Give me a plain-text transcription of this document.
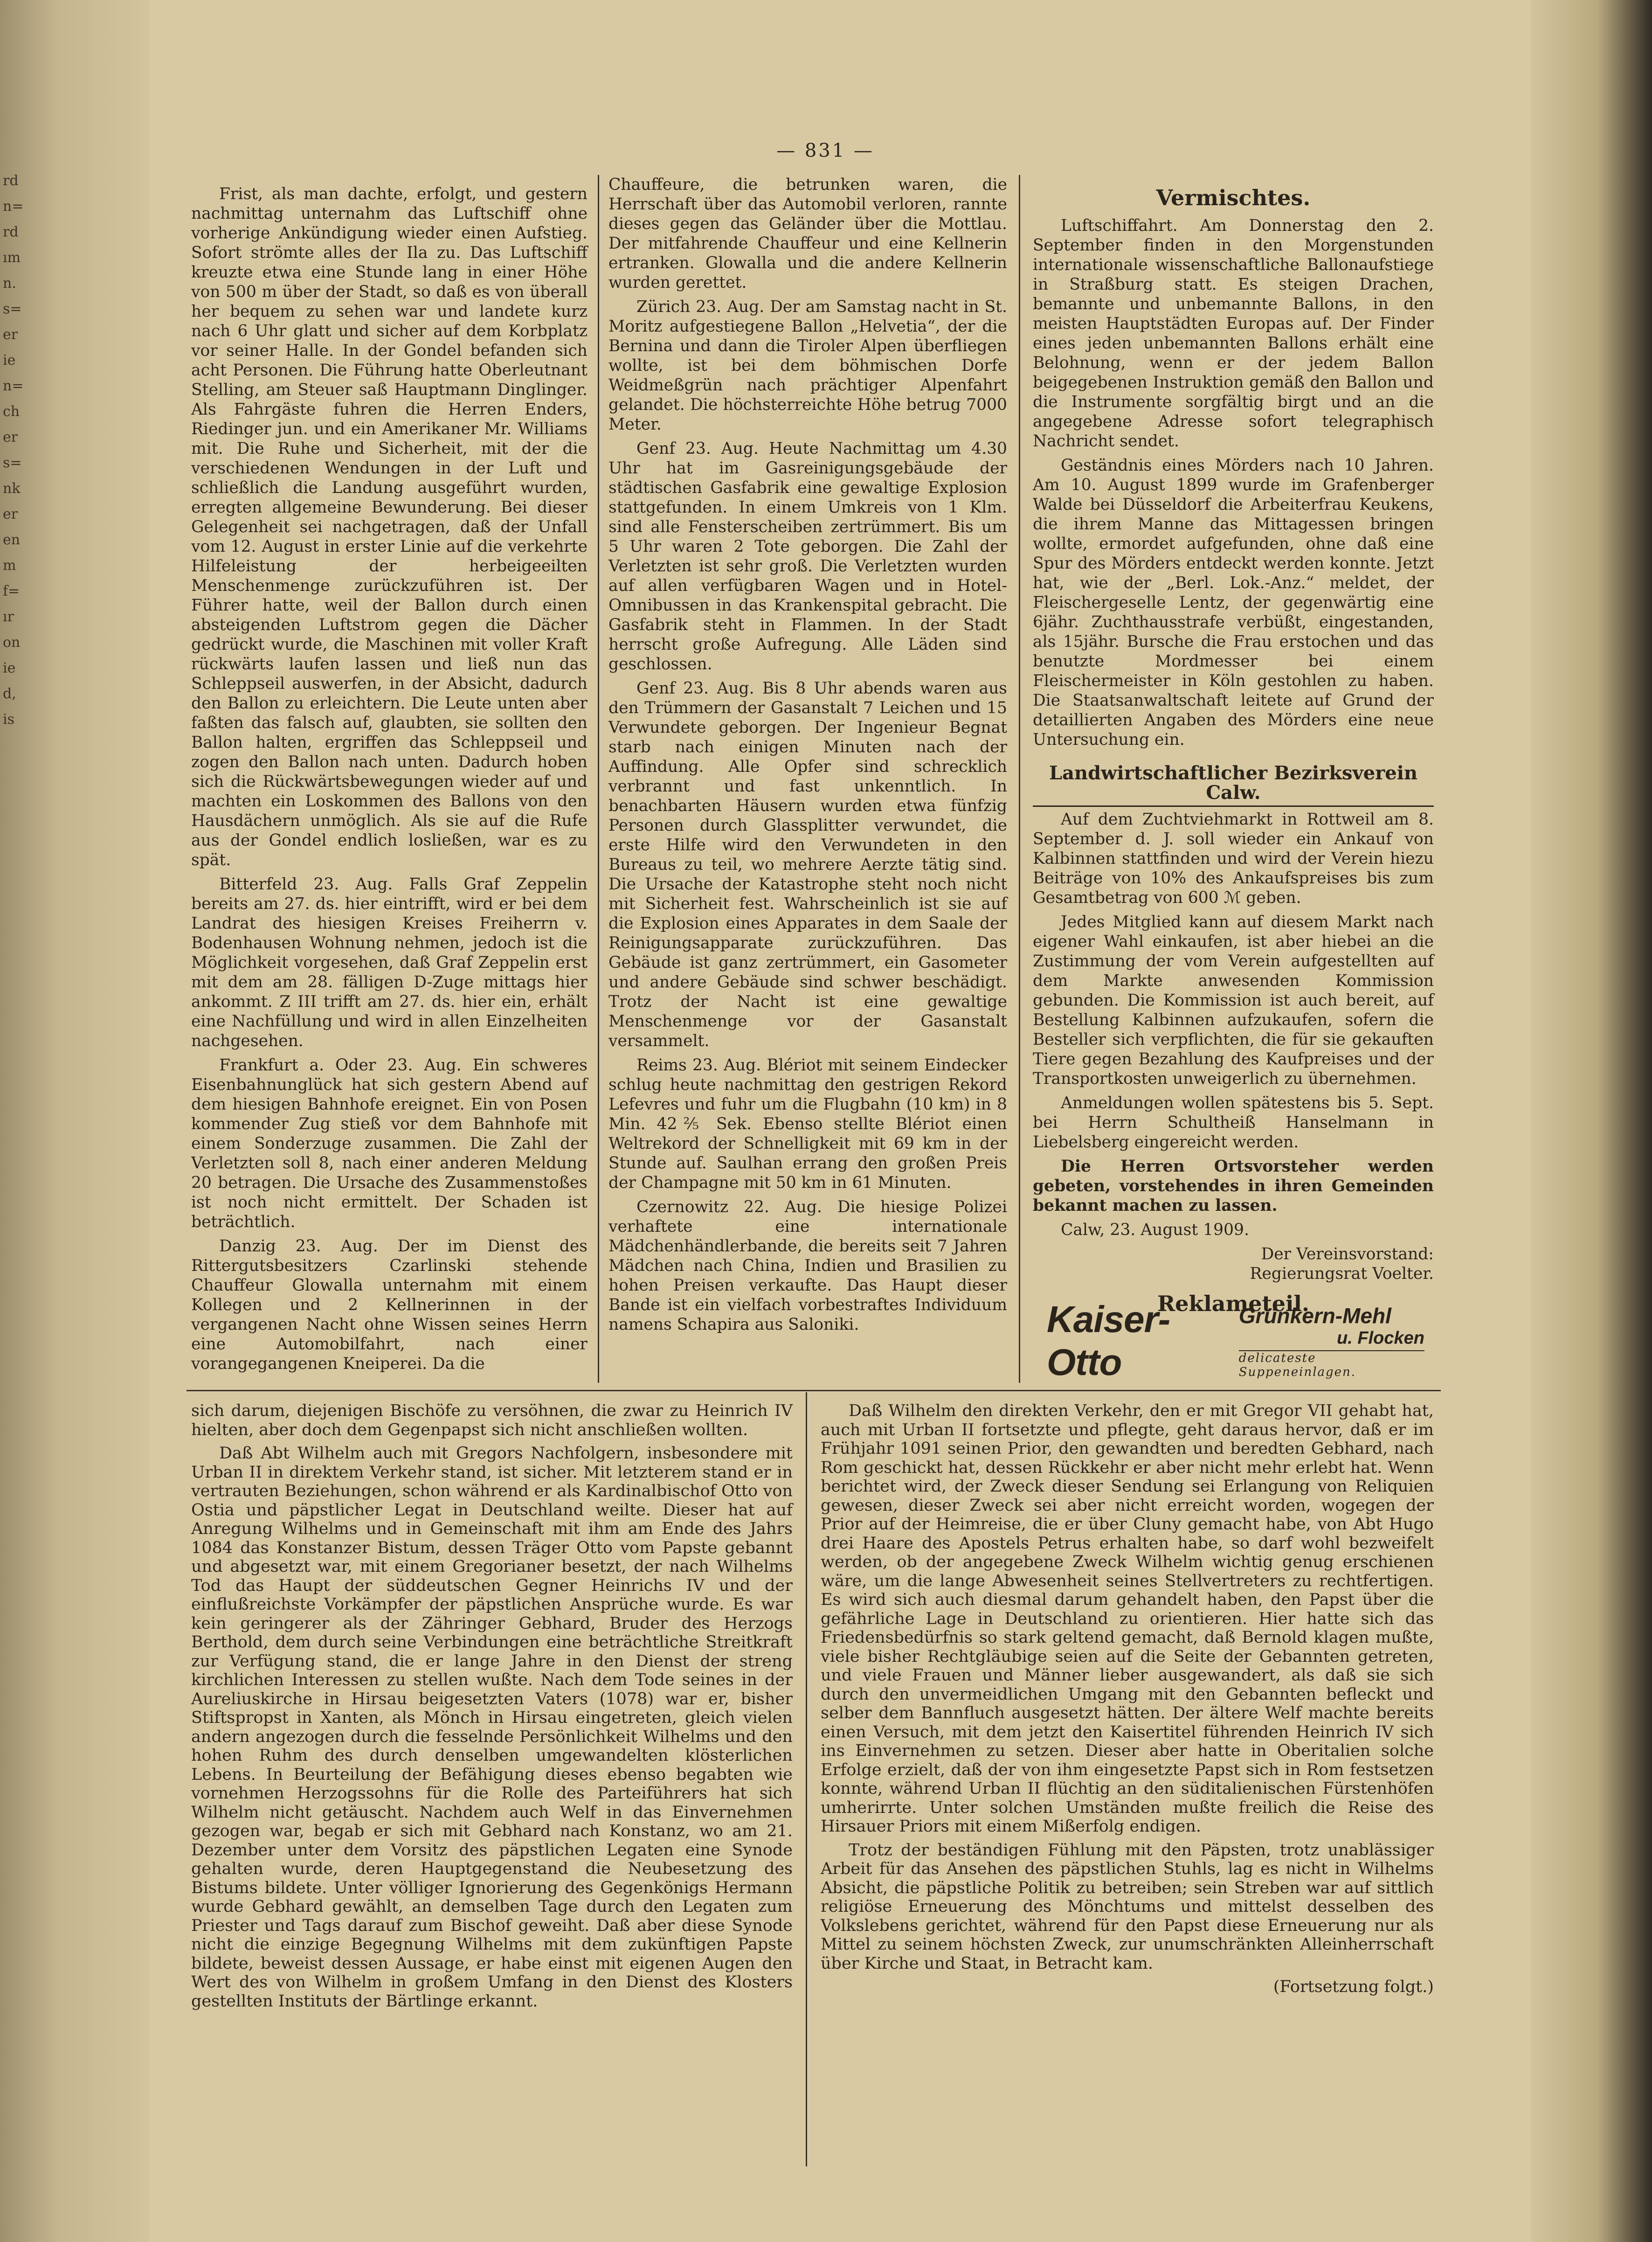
rd
n=
rd
ım
n.
s=
er
ie
n=
ch
er
s=
nk
er
en
m
f=
ır
on
ie
d,
is
— 831 —

Frist, als man dachte, erfolgt, und gestern nachmittag unternahm das Luftschiff ohne vorherige Ankündigung wieder einen Aufstieg. Sofort strömte alles der Ila zu. Das Luftschiff kreuzte etwa eine Stunde lang in einer Höhe von 500 m über der Stadt, so daß es von überall her bequem zu sehen war und landete kurz nach 6 Uhr glatt und sicher auf dem Korbplatz vor seiner Halle. In der Gondel befanden sich acht Personen. Die Führung hatte Oberleutnant Stelling, am Steuer saß Hauptmann Dinglinger. Als Fahrgäste fuhren die Herren Enders, Riedinger jun. und ein Amerikaner Mr. Williams mit. Die Ruhe und Sicherheit, mit der die verschiedenen Wendungen in der Luft und schließlich die Landung ausgeführt wurden, erregten allgemeine Bewunderung. Bei dieser Gelegenheit sei nachgetragen, daß der Unfall vom 12. August in erster Linie auf die verkehrte Hilfeleistung der herbeigeeilten Menschenmenge zurückzuführen ist. Der Führer hatte, weil der Ballon durch einen absteigenden Luftstrom gegen die Dächer gedrückt wurde, die Maschinen mit voller Kraft rückwärts laufen lassen und ließ nun das Schleppseil auswerfen, in der Absicht, dadurch den Ballon zu erleichtern. Die Leute unten aber faßten das falsch auf, glaubten, sie sollten den Ballon halten, ergriffen das Schleppseil und zogen den Ballon nach unten. Dadurch hoben sich die Rückwärtsbewegungen wieder auf und machten ein Loskommen des Ballons von den Hausdächern unmöglich. Als sie auf die Rufe aus der Gondel endlich losließen, war es zu spät.

Bitterfeld 23. Aug. Falls Graf Zeppelin bereits am 27. ds. hier eintrifft, wird er bei dem Landrat des hiesigen Kreises Freiherrn v. Bodenhausen Wohnung nehmen, jedoch ist die Möglichkeit vorgesehen, daß Graf Zeppelin erst mit dem am 28. fälligen D-Zuge mittags hier ankommt. Z III trifft am 27. ds. hier ein, erhält eine Nachfüllung und wird in allen Einzelheiten nachgesehen.

Frankfurt a. Oder 23. Aug. Ein schweres Eisenbahnunglück hat sich gestern Abend auf dem hiesigen Bahnhofe ereignet. Ein von Posen kommender Zug stieß vor dem Bahnhofe mit einem Sonderzuge zusammen. Die Zahl der Verletzten soll 8, nach einer anderen Meldung 20 betragen. Die Ursache des Zusammenstoßes ist noch nicht ermittelt. Der Schaden ist beträchtlich.

Danzig 23. Aug. Der im Dienst des Rittergutsbesitzers Czarlinski stehende Chauffeur Glowalla unternahm mit einem Kollegen und 2 Kellnerinnen in der vergangenen Nacht ohne Wissen seines Herrn eine Automobilfahrt, nach einer vorangegangenen Kneiperei. Da die

Chauffeure, die betrunken waren, die Herrschaft über das Automobil verloren, rannte dieses gegen das Geländer über die Mottlau. Der mitfahrende Chauffeur und eine Kellnerin ertranken. Glowalla und die andere Kellnerin wurden gerettet.

Zürich 23. Aug. Der am Samstag nacht in St. Moritz aufgestiegene Ballon „Helvetia“, der die Bernina und dann die Tiroler Alpen überfliegen wollte, ist bei dem böhmischen Dorfe Weidmeßgrün nach prächtiger Alpenfahrt gelandet. Die höchsterreichte Höhe betrug 7000 Meter.

Genf 23. Aug. Heute Nachmittag um 4.30 Uhr hat im Gasreinigungsgebäude der städtischen Gasfabrik eine gewaltige Explosion stattgefunden. In einem Umkreis von 1 Klm. sind alle Fensterscheiben zertrümmert. Bis um 5 Uhr waren 2 Tote geborgen. Die Zahl der Verletzten ist sehr groß. Die Verletzten wurden auf allen verfügbaren Wagen und in Hotel-Omnibussen in das Krankenspital gebracht. Die Gasfabrik steht in Flammen. In der Stadt herrscht große Aufregung. Alle Läden sind geschlossen.

Genf 23. Aug. Bis 8 Uhr abends waren aus den Trümmern der Gasanstalt 7 Leichen und 15 Verwundete geborgen. Der Ingenieur Begnat starb nach einigen Minuten nach der Auffindung. Alle Opfer sind schrecklich verbrannt und fast unkenntlich. In benachbarten Häusern wurden etwa fünfzig Personen durch Glassplitter verwundet, die erste Hilfe wird den Verwundeten in den Bureaus zu teil, wo mehrere Aerzte tätig sind. Die Ursache der Katastrophe steht noch nicht mit Sicherheit fest. Wahrscheinlich ist sie auf die Explosion eines Apparates in dem Saale der Reinigungsapparate zurückzuführen. Das Gebäude ist ganz zertrümmert, ein Gasometer und andere Gebäude sind schwer beschädigt. Trotz der Nacht ist eine gewaltige Menschenmenge vor der Gasanstalt versammelt.

Reims 23. Aug. Blériot mit seinem Eindecker schlug heute nachmittag den gestrigen Rekord Lefevres und fuhr um die Flugbahn (10 km) in 8 Min. 42⅖ Sek. Ebenso stellte Blériot einen Weltrekord der Schnelligkeit mit 69 km in der Stunde auf. Saulhan errang den großen Preis der Champagne mit 50 km in 61 Minuten.

Czernowitz 22. Aug. Die hiesige Polizei verhaftete eine internationale Mädchenhändlerbande, die bereits seit 7 Jahren Mädchen nach China, Indien und Brasilien zu hohen Preisen verkaufte. Das Haupt dieser Bande ist ein vielfach vorbestraftes Individuum namens Schapira aus Saloniki.

Vermischtes.

Luftschiffahrt. Am Donnerstag den 2. September finden in den Morgenstunden internationale wissenschaftliche Ballonaufstiege in Straßburg statt. Es steigen Drachen, bemannte und unbemannte Ballons, in den meisten Hauptstädten Europas auf. Der Finder eines jeden unbemannten Ballons erhält eine Belohnung, wenn er der jedem Ballon beigegebenen Instruktion gemäß den Ballon und die Instrumente sorgfältig birgt und an die angegebene Adresse sofort telegraphisch Nachricht sendet.

Geständnis eines Mörders nach 10 Jahren. Am 10. August 1899 wurde im Grafenberger Walde bei Düsseldorf die Arbeiterfrau Keukens, die ihrem Manne das Mittagessen bringen wollte, ermordet aufgefunden, ohne daß eine Spur des Mörders entdeckt werden konnte. Jetzt hat, wie der „Berl. Lok.-Anz.“ meldet, der Fleischergeselle Lentz, der gegenwärtig eine 6jähr. Zuchthausstrafe verbüßt, eingestanden, als 15jähr. Bursche die Frau erstochen und das benutzte Mordmesser bei einem Fleischermeister in Köln gestohlen zu haben. Die Staatsanwaltschaft leitete auf Grund der detaillierten Angaben des Mörders eine neue Untersuchung ein.

Landwirtschaftlicher Bezirksverein Calw.

Auf dem Zuchtviehmarkt in Rottweil am 8. September d. J. soll wieder ein Ankauf von Kalbinnen stattfinden und wird der Verein hiezu Beiträge von 10% des Ankaufspreises bis zum Gesamtbetrag von 600 ℳ geben.

Jedes Mitglied kann auf diesem Markt nach eigener Wahl einkaufen, ist aber hiebei an die Zustimmung der vom Verein aufgestellten auf dem Markte anwesenden Kommission gebunden. Die Kommission ist auch bereit, auf Bestellung Kalbinnen aufzukaufen, sofern die Besteller sich verpflichten, die für sie gekauften Tiere gegen Bezahlung des Kaufpreises und der Transportkosten unweigerlich zu übernehmen.

Anmeldungen wollen spätestens bis 5. Sept. bei Herrn Schultheiß Hanselmann in Liebelsberg eingereicht werden.

Die Herren Ortsvorsteher werden gebeten, vorstehendes in ihren Gemeinden bekannt machen zu lassen.

Calw, 23. August 1909.

Der Vereinsvorstand:
Regierungsrat Voelter.
Reklameteil.
Kaiser-Otto
Grünkern-Mehl
u. Flocken
delicateste Suppeneinlagen.

sich darum, diejenigen Bischöfe zu versöhnen, die zwar zu Heinrich IV hielten, aber doch dem Gegenpapst sich nicht anschließen wollten.

Daß Abt Wilhelm auch mit Gregors Nachfolgern, insbesondere mit Urban II in direktem Verkehr stand, ist sicher. Mit letzterem stand er in vertrauten Beziehungen, schon während er als Kardinalbischof Otto von Ostia und päpstlicher Legat in Deutschland weilte. Dieser hat auf Anregung Wilhelms und in Gemeinschaft mit ihm am Ende des Jahrs 1084 das Konstanzer Bistum, dessen Träger Otto vom Papste gebannt und abgesetzt war, mit einem Gregorianer besetzt, der nach Wilhelms Tod das Haupt der süddeutschen Gegner Heinrichs IV und der einflußreichste Vorkämpfer der päpstlichen Ansprüche wurde. Es war kein geringerer als der Zähringer Gebhard, Bruder des Herzogs Berthold, dem durch seine Verbindungen eine beträchtliche Streitkraft zur Verfügung stand, die er lange Jahre in den Dienst der streng kirchlichen Interessen zu stellen wußte. Nach dem Tode seines in der Aureliuskirche in Hirsau beigesetzten Vaters (1078) war er, bisher Stiftspropst in Xanten, als Mönch in Hirsau eingetreten, gleich vielen andern angezogen durch die fesselnde Persönlichkeit Wilhelms und den hohen Ruhm des durch denselben umgewandelten klösterlichen Lebens. In Beurteilung der Befähigung dieses ebenso begabten wie vornehmen Herzogssohns für die Rolle des Parteiführers hat sich Wilhelm nicht getäuscht. Nachdem auch Welf in das Einvernehmen gezogen war, begab er sich mit Gebhard nach Konstanz, wo am 21. Dezember unter dem Vorsitz des päpstlichen Legaten eine Synode gehalten wurde, deren Hauptgegenstand die Neubesetzung des Bistums bildete. Unter völliger Ignorierung des Gegenkönigs Hermann wurde Gebhard gewählt, an demselben Tage durch den Legaten zum Priester und Tags darauf zum Bischof geweiht. Daß aber diese Synode nicht die einzige Begegnung Wilhelms mit dem zukünftigen Papste bildete, beweist dessen Aussage, er habe einst mit eigenen Augen den Wert des von Wilhelm in großem Umfang in den Dienst des Klosters gestellten Instituts der Bärtlinge erkannt.

Daß Wilhelm den direkten Verkehr, den er mit Gregor VII gehabt hat, auch mit Urban II fortsetzte und pflegte, geht daraus hervor, daß er im Frühjahr 1091 seinen Prior, den gewandten und beredten Gebhard, nach Rom geschickt hat, dessen Rückkehr er aber nicht mehr erlebt hat. Wenn berichtet wird, der Zweck dieser Sendung sei Erlangung von Reliquien gewesen, dieser Zweck sei aber nicht erreicht worden, wogegen der Prior auf der Heimreise, die er über Cluny gemacht habe, von Abt Hugo drei Haare des Apostels Petrus erhalten habe, so darf wohl bezweifelt werden, ob der angegebene Zweck Wilhelm wichtig genug erschienen wäre, um die lange Abwesenheit seines Stellvertreters zu rechtfertigen. Es wird sich auch diesmal darum gehandelt haben, den Papst über die gefährliche Lage in Deutschland zu orientieren. Hier hatte sich das Friedensbedürfnis so stark geltend gemacht, daß Bernold klagen mußte, viele bisher Rechtgläubige seien auf die Seite der Gebannten getreten, und viele Frauen und Männer lieber ausgewandert, als daß sie sich durch den unvermeidlichen Umgang mit den Gebannten befleckt und selber dem Bannfluch ausgesetzt hätten. Der ältere Welf machte bereits einen Versuch, mit dem jetzt den Kaisertitel führenden Heinrich IV sich ins Einvernehmen zu setzen. Dieser aber hatte in Oberitalien solche Erfolge erzielt, daß der von ihm eingesetzte Papst sich in Rom festsetzen konnte, während Urban II flüchtig an den süditalienischen Fürstenhöfen umherirrte. Unter solchen Umständen mußte freilich die Reise des Hirsauer Priors mit einem Mißerfolg endigen.

Trotz der beständigen Fühlung mit den Päpsten, trotz unablässiger Arbeit für das Ansehen des päpstlichen Stuhls, lag es nicht in Wilhelms Absicht, die päpstliche Politik zu betreiben; sein Streben war auf sittlich religiöse Erneuerung des Mönchtums und mittelst desselben des Volkslebens gerichtet, während für den Papst diese Erneuerung nur als Mittel zu seinem höchsten Zweck, zur unumschränkten Alleinherrschaft über Kirche und Staat, in Betracht kam.

(Fortsetzung folgt.)
